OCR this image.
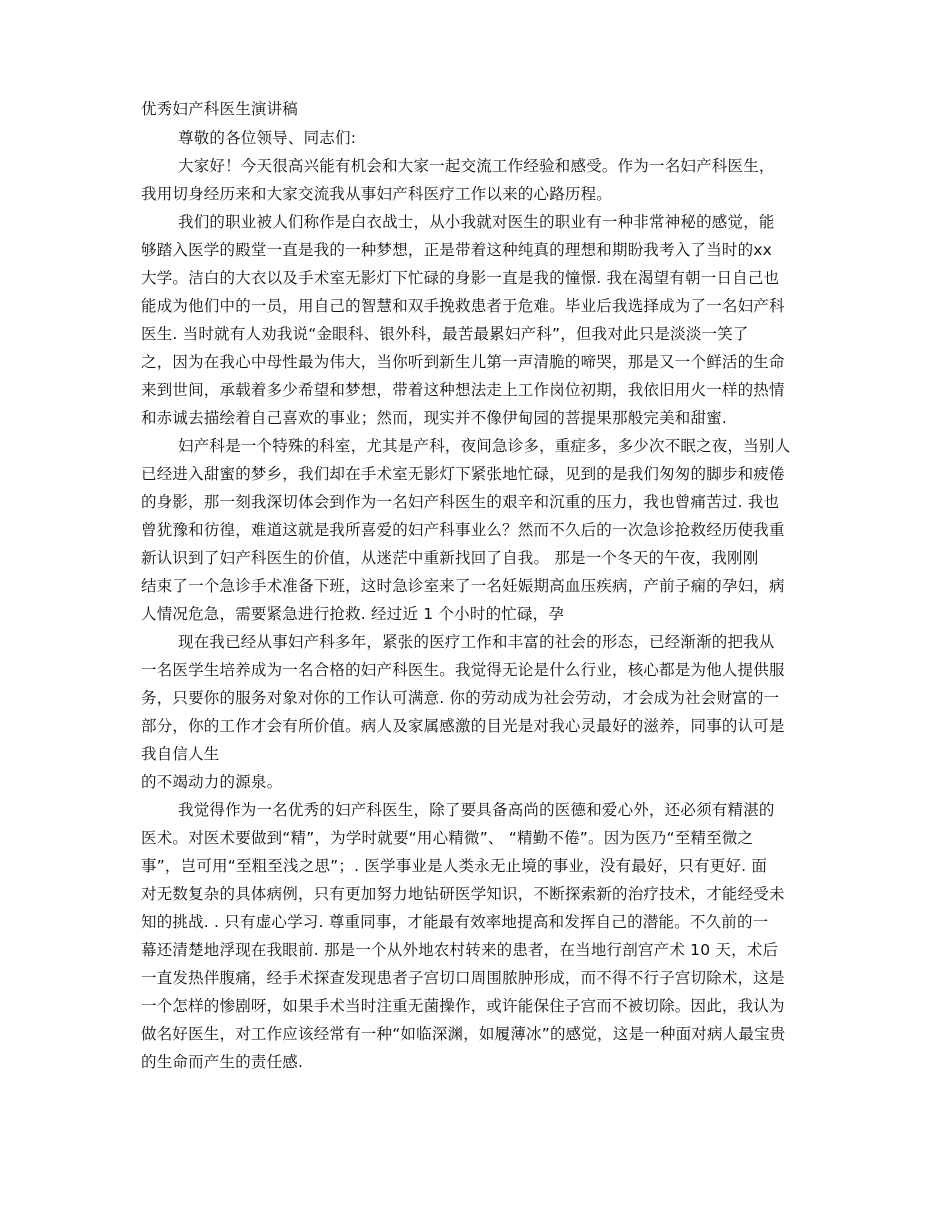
优秀妇产科医生演讲稿
尊敬的各位领导、同志们:
大家好！今天很高兴能有机会和大家一起交流工作经验和感受。作为一名妇产科医生，
我用切身经历来和大家交流我从事妇产科医疗工作以来的心路历程。
我们的职业被人们称作是白衣战士，从小我就对医生的职业有一种非常神秘的感觉，能
够踏入医学的殿堂一直是我的一种梦想，正是带着这种纯真的理想和期盼我考入了当时的xx
大学。洁白的大衣以及手术室无影灯下忙碌的身影一直是我的憧憬. 我在渴望有朝一日自己也
能成为他们中的一员，用自己的智慧和双手挽救患者于危难。毕业后我选择成为了一名妇产科
医生. 当时就有人劝我说“金眼科、银外科，最苦最累妇产科”，但我对此只是淡淡一笑了
之，因为在我心中母性最为伟大，当你听到新生儿第一声清脆的啼哭，那是又一个鲜活的生命
来到世间，承载着多少希望和梦想，带着这种想法走上工作岗位初期，我依旧用火一样的热情
和赤诚去描绘着自己喜欢的事业；然而，现实并不像伊甸园的菩提果那般完美和甜蜜.
妇产科是一个特殊的科室，尤其是产科，夜间急诊多，重症多，多少次不眠之夜，当别人
已经进入甜蜜的梦乡，我们却在手术室无影灯下紧张地忙碌，见到的是我们匆匆的脚步和疲倦
的身影，那一刻我深切体会到作为一名妇产科医生的艰辛和沉重的压力，我也曾痛苦过. 我也
曾犹豫和彷徨，难道这就是我所喜爱的妇产科事业么？然而不久后的一次急诊抢救经历使我重
新认识到了妇产科医生的价值，从迷茫中重新找回了自我。 那是一个冬天的午夜，我刚刚
结束了一个急诊手术准备下班，这时急诊室来了一名妊娠期高血压疾病，产前子痫的孕妇，病
人情况危急，需要紧急进行抢救. 经过近 1 个小时的忙碌，孕
现在我已经从事妇产科多年，紧张的医疗工作和丰富的社会的形态，已经渐渐的把我从
一名医学生培养成为一名合格的妇产科医生。我觉得无论是什么行业，核心都是为他人提供服
务，只要你的服务对象对你的工作认可满意. 你的劳动成为社会劳动，才会成为社会财富的一
部分，你的工作才会有所价值。病人及家属感激的目光是对我心灵最好的滋养，同事的认可是
我自信人生
的不竭动力的源泉。
我觉得作为一名优秀的妇产科医生，除了要具备高尚的医德和爱心外，还必须有精湛的
医术。对医术要做到“精”，为学时就要“用心精微”、 “精勤不倦”。因为医乃“至精至微之
事”，岂可用“至粗至浅之思”；. 医学事业是人类永无止境的事业，没有最好，只有更好. 面
对无数复杂的具体病例，只有更加努力地钻研医学知识，不断探索新的治疗技术，才能经受未
知的挑战. . 只有虚心学习. 尊重同事，才能最有效率地提高和发挥自己的潜能。不久前的一
幕还清楚地浮现在我眼前. 那是一个从外地农村转来的患者，在当地行剖宫产术 10 天，术后
一直发热伴腹痛，经手术探查发现患者子宫切口周围脓肿形成，而不得不行子宫切除术，这是
一个怎样的惨剧呀，如果手术当时注重无菌操作，或许能保住子宫而不被切除。因此，我认为
做名好医生，对工作应该经常有一种“如临深渊，如履薄冰”的感觉，这是一种面对病人最宝贵
的生命而产生的责任感.
